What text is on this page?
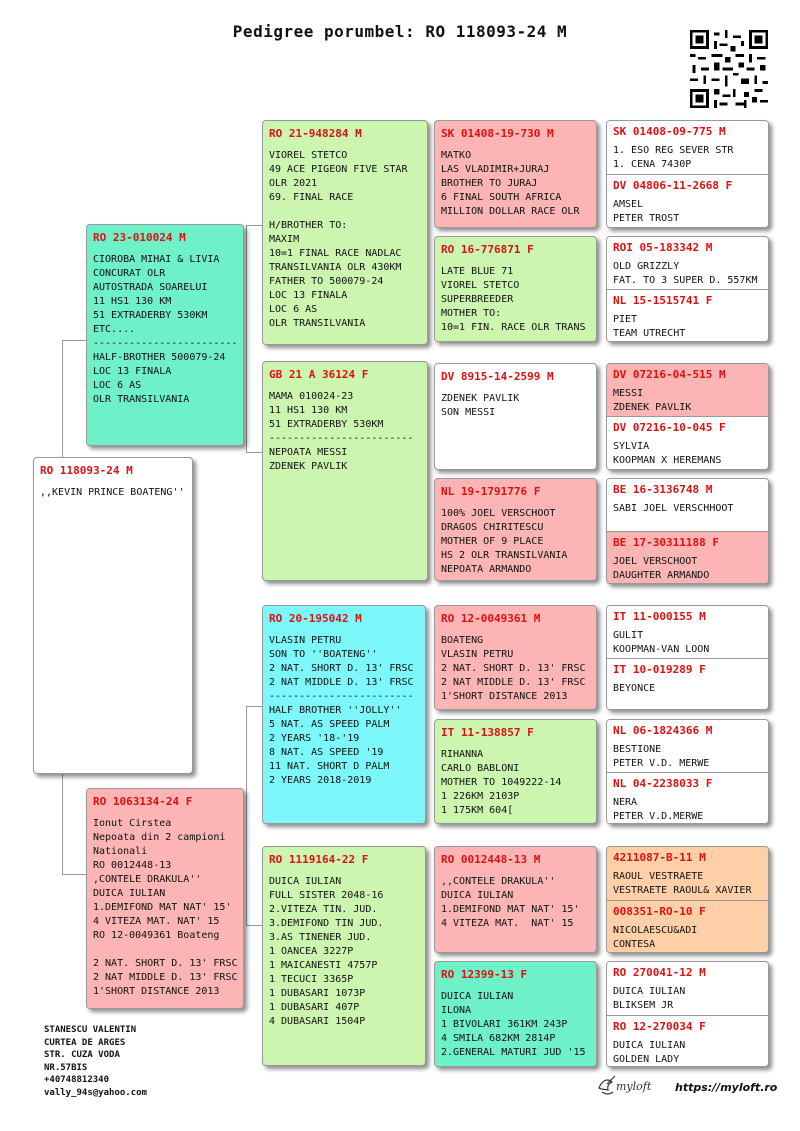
Pedigree porumbel: RO 118093-24 M
RO 118093-24 M
,,KEVIN PRINCE BOATENG''
RO 23-010024 M
CIOROBA MIHAI & LIVIA
CONCURAT OLR
AUTOSTRADA SOARELUI
11 HS1 130 KM
51 EXTRADERBY 530KM
ETC....
------------------------
HALF-BROTHER 500079-24
LOC 13 FINALA
LOC 6 AS
OLR TRANSILVANIA
RO 1063134-24 F
Ionut Cirstea
Nepoata din 2 campioni
Nationali
RO 0012448-13
,CONTELE DRAKULA''
DUICA IULIAN
1.DEMIFOND MAT NAT' 15'
4 VITEZA MAT. NAT' 15
RO 12-0049361 Boateng

2 NAT. SHORT D. 13' FRSC
2 NAT MIDDLE D. 13' FRSC
1'SHORT DISTANCE 2013
RO 21-948284 M
VIOREL STETCO
49 ACE PIGEON FIVE STAR
OLR 2021
69. FINAL RACE

H/BROTHER TO:
MAXIM
10=1 FINAL RACE NADLAC
TRANSILVANIA OLR 430KM
FATHER TO 500079-24
LOC 13 FINALA
LOC 6 AS
OLR TRANSILVANIA
GB 21 A 36124 F
MAMA 010024-23
11 HS1 130 KM
51 EXTRADERBY 530KM
------------------------
NEPOATA MESSI
ZDENEK PAVLIK
RO 20-195042 M
VLASIN PETRU
SON TO ''BOATENG''
2 NAT. SHORT D. 13' FRSC
2 NAT MIDDLE D. 13' FRSC
------------------------
HALF BROTHER ''JOLLY''
5 NAT. AS SPEED PALM
2 YEARS '18-'19
8 NAT. AS SPEED '19
11 NAT. SHORT D PALM
2 YEARS 2018-2019
RO 1119164-22 F
DUICA IULIAN
FULL SISTER 2048-16
2.VITEZA TIN. JUD.
3.DEMIFOND TIN JUD.
3.AS TINENER JUD.
1 OANCEA 3227P
1 MAICANESTI 4757P
1 TECUCI 3365P
1 DUBASARI 1073P
1 DUBASARI 407P
4 DUBASARI 1504P
SK 01408-19-730 M
MATKO
LAS VLADIMIR+JURAJ
BROTHER TO JURAJ
6 FINAL SOUTH AFRICA
MILLION DOLLAR RACE OLR
RO 16-776871 F
LATE BLUE 71
VIOREL STETCO
SUPERBREEDER
MOTHER TO:
10=1 FIN. RACE OLR TRANS
DV 8915-14-2599 M
ZDENEK PAVLIK
SON MESSI
NL 19-1791776 F
100% JOEL VERSCHOOT
DRAGOS CHIRITESCU
MOTHER OF 9 PLACE
HS 2 OLR TRANSILVANIA
NEPOATA ARMANDO
RO 12-0049361 M
BOATENG
VLASIN PETRU
2 NAT. SHORT D. 13' FRSC
2 NAT MIDDLE D. 13' FRSC
1'SHORT DISTANCE 2013
IT 11-138857 F
RIHANNA
CARLO BABLONI
MOTHER TO 1049222-14
1 226KM 2103P
1 175KM 604[
RO 0012448-13 M
,,CONTELE DRAKULA''
DUICA IULIAN
1.DEMIFOND MAT NAT' 15'
4 VITEZA MAT.  NAT' 15
RO 12399-13 F
DUICA IULIAN
ILONA
1 BIVOLARI 361KM 243P
4 SMILA 682KM 2814P
2.GENERAL MATURI JUD '15
SK 01408-09-775 M
1. ESO REG SEVER STR
1. CENA 7430P
DV 04806-11-2668 F
AMSEL
PETER TROST
ROI 05-183342 M
OLD GRIZZLY
FAT. TO 3 SUPER D. 557KM
NL 15-1515741 F
PIET
TEAM UTRECHT
DV 07216-04-515 M
MESSI
ZDENEK PAVLIK
DV 07216-10-045 F
SYLVIA
KOOPMAN X HEREMANS
BE 16-3136748 M
SABI JOEL VERSCHHOOT
BE 17-30311188 F
JOEL VERSCHOOT
DAUGHTER ARMANDO
IT 11-000155 M
GULIT
KOOPMAN-VAN LOON
IT 10-019289 F
BEYONCE
NL 06-1824366 M
BESTIONE
PETER V.D. MERWE
NL 04-2238033 F
NERA
PETER V.D.MERWE
4211087-B-11 M
RAOUL VESTRAETE
VESTRAETE RAOUL& XAVIER
008351-RO-10 F
NICOLAESCU&ADI
CONTESA
RO 270041-12 M
DUICA IULIAN
BLIKSEM JR
RO 12-270034 F
DUICA IULIAN
GOLDEN LADY
STANESCU VALENTIN
CURTEA DE ARGES
STR. CUZA VODA
NR.57BIS
+40748812340
vally_94s@yahoo.com	myloft https://myloft.ro
